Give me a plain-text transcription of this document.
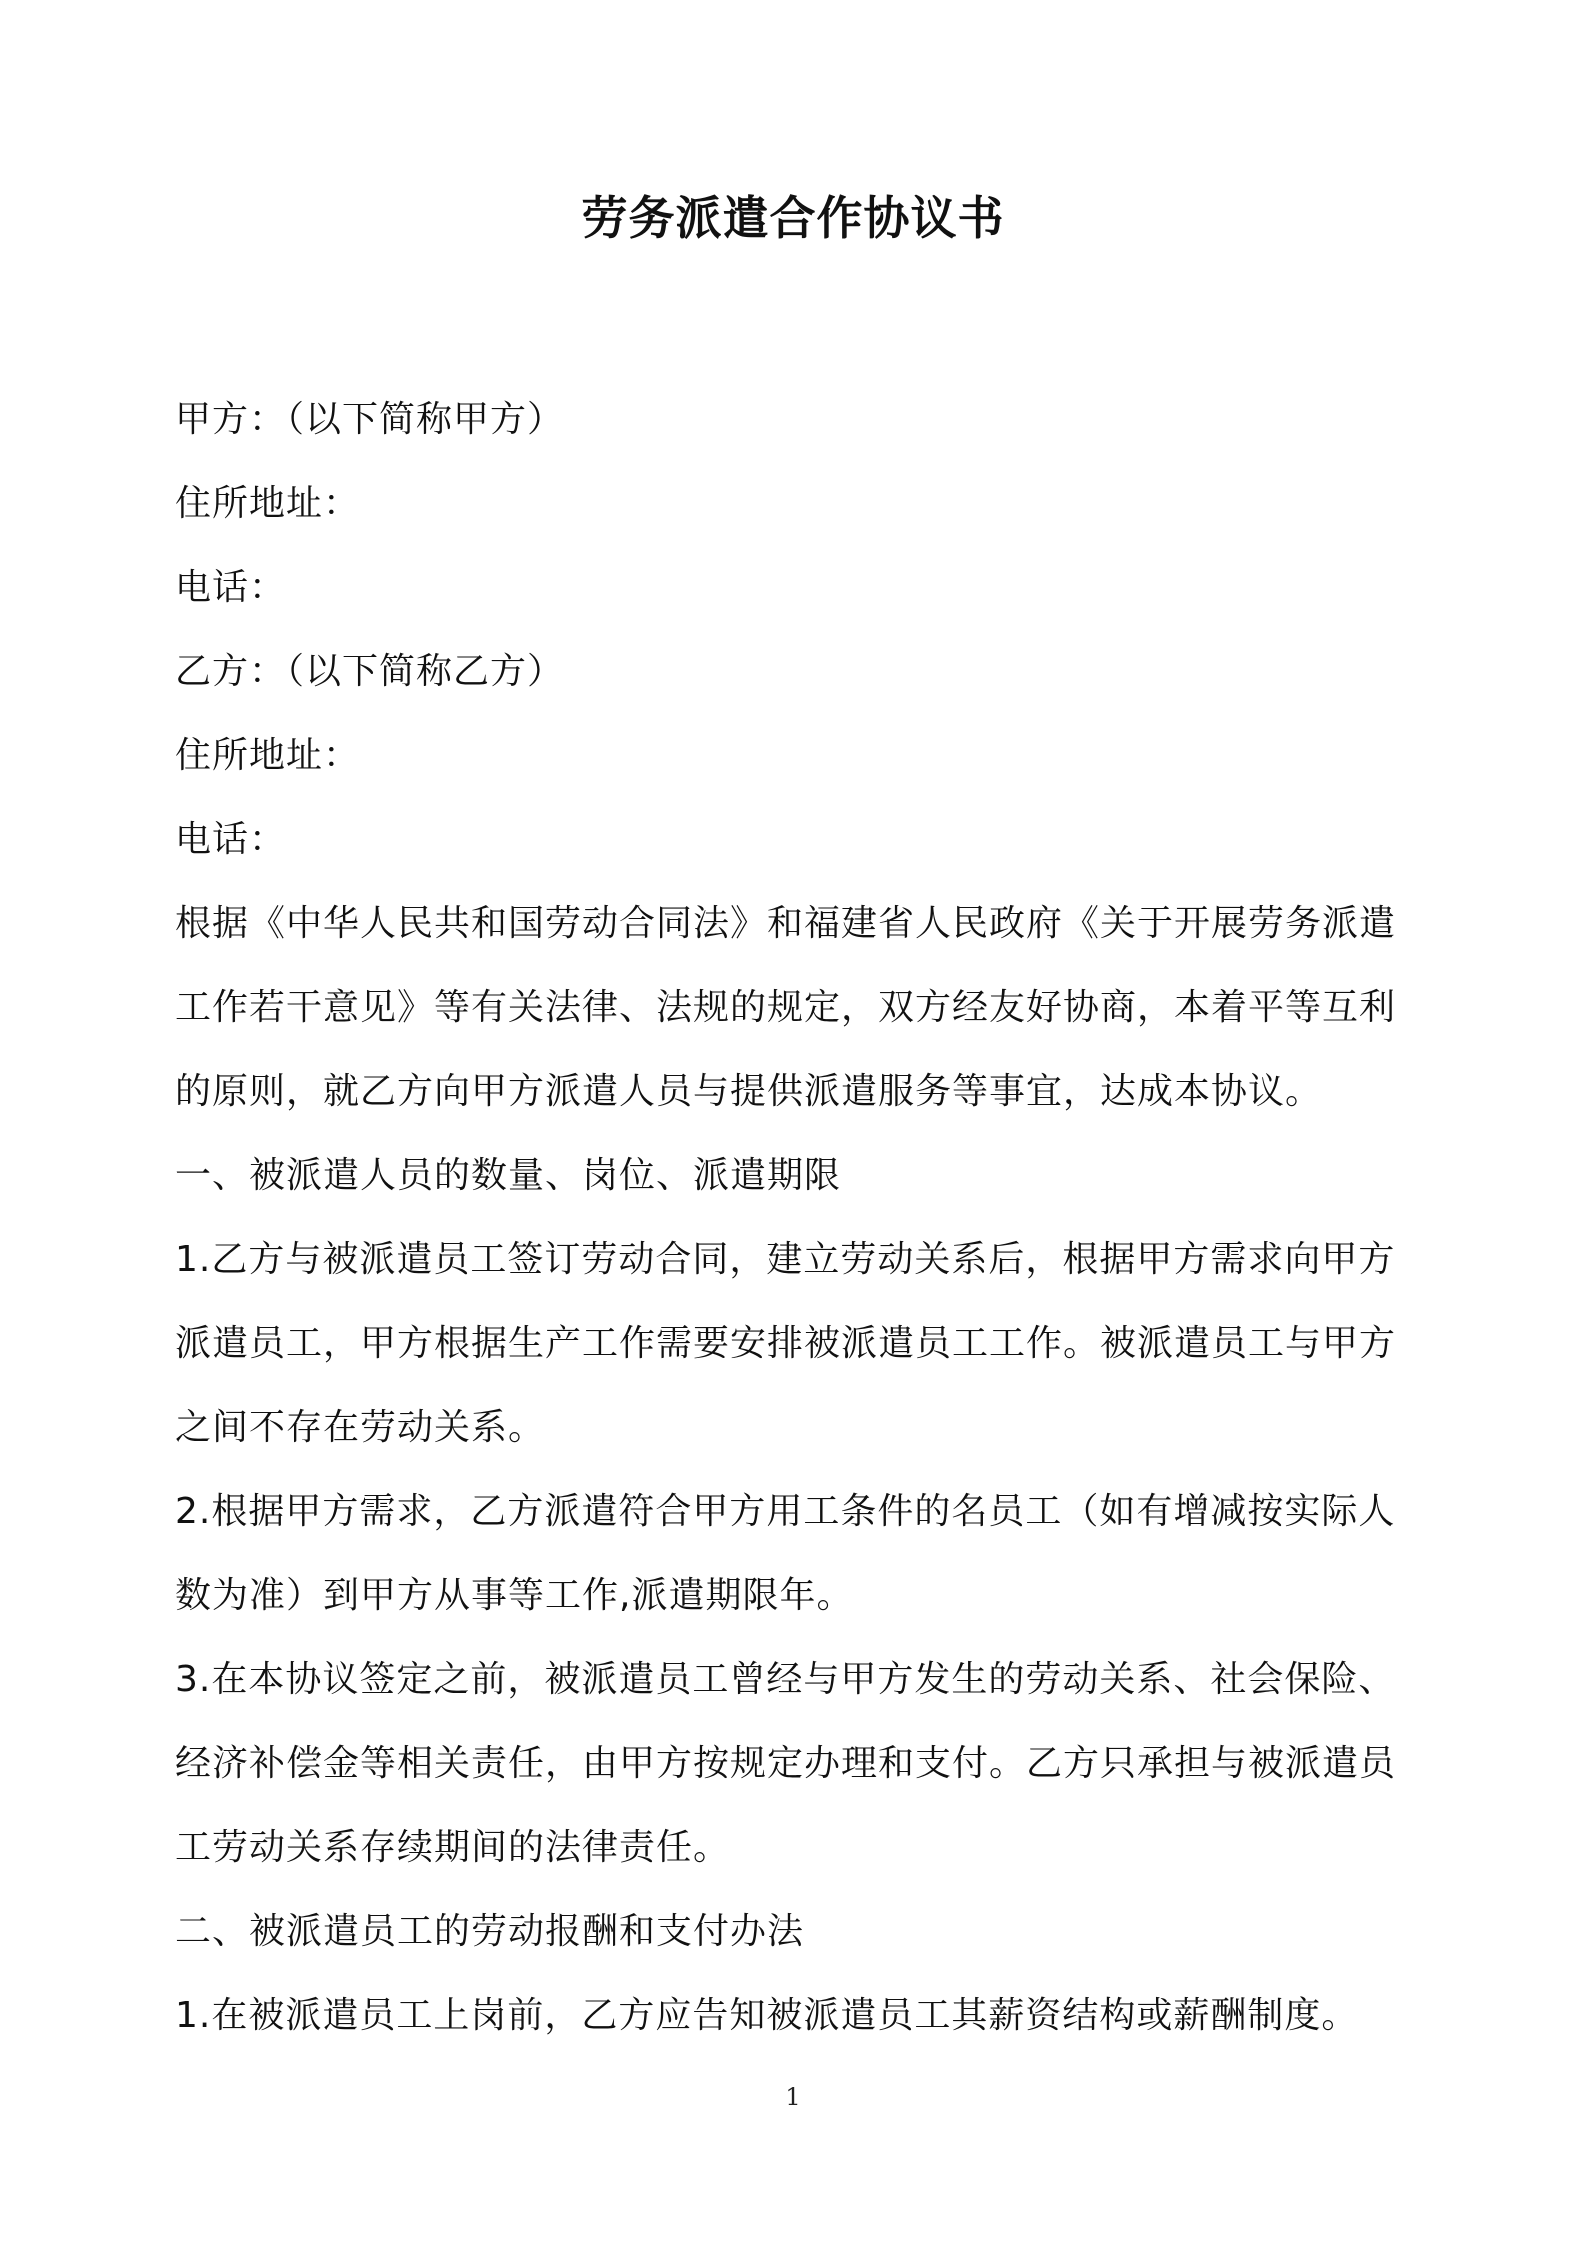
劳务派遣合作协议书
甲方：（以下简称甲方）
住所地址：
电话：
乙方：（以下简称乙方）
住所地址：
电话：
根据《中华人民共和国劳动合同法》和福建省人民政府《关于开展劳务派遣
工作若干意见》等有关法律、法规的规定，双方经友好协商，本着平等互利
的原则，就乙方向甲方派遣人员与提供派遣服务等事宜，达成本协议。
一、被派遣人员的数量、岗位、派遣期限
1.乙方与被派遣员工签订劳动合同，建立劳动关系后，根据甲方需求向甲方
派遣员工，甲方根据生产工作需要安排被派遣员工工作。被派遣员工与甲方
之间不存在劳动关系。
2.根据甲方需求，乙方派遣符合甲方用工条件的名员工（如有增减按实际人
数为准）到甲方从事等工作,派遣期限年。
3.在本协议签定之前，被派遣员工曾经与甲方发生的劳动关系、社会保险、
经济补偿金等相关责任，由甲方按规定办理和支付。乙方只承担与被派遣员
工劳动关系存续期间的法律责任。
二、被派遣员工的劳动报酬和支付办法
1.在被派遣员工上岗前，乙方应告知被派遣员工其薪资结构或薪酬制度。
1
